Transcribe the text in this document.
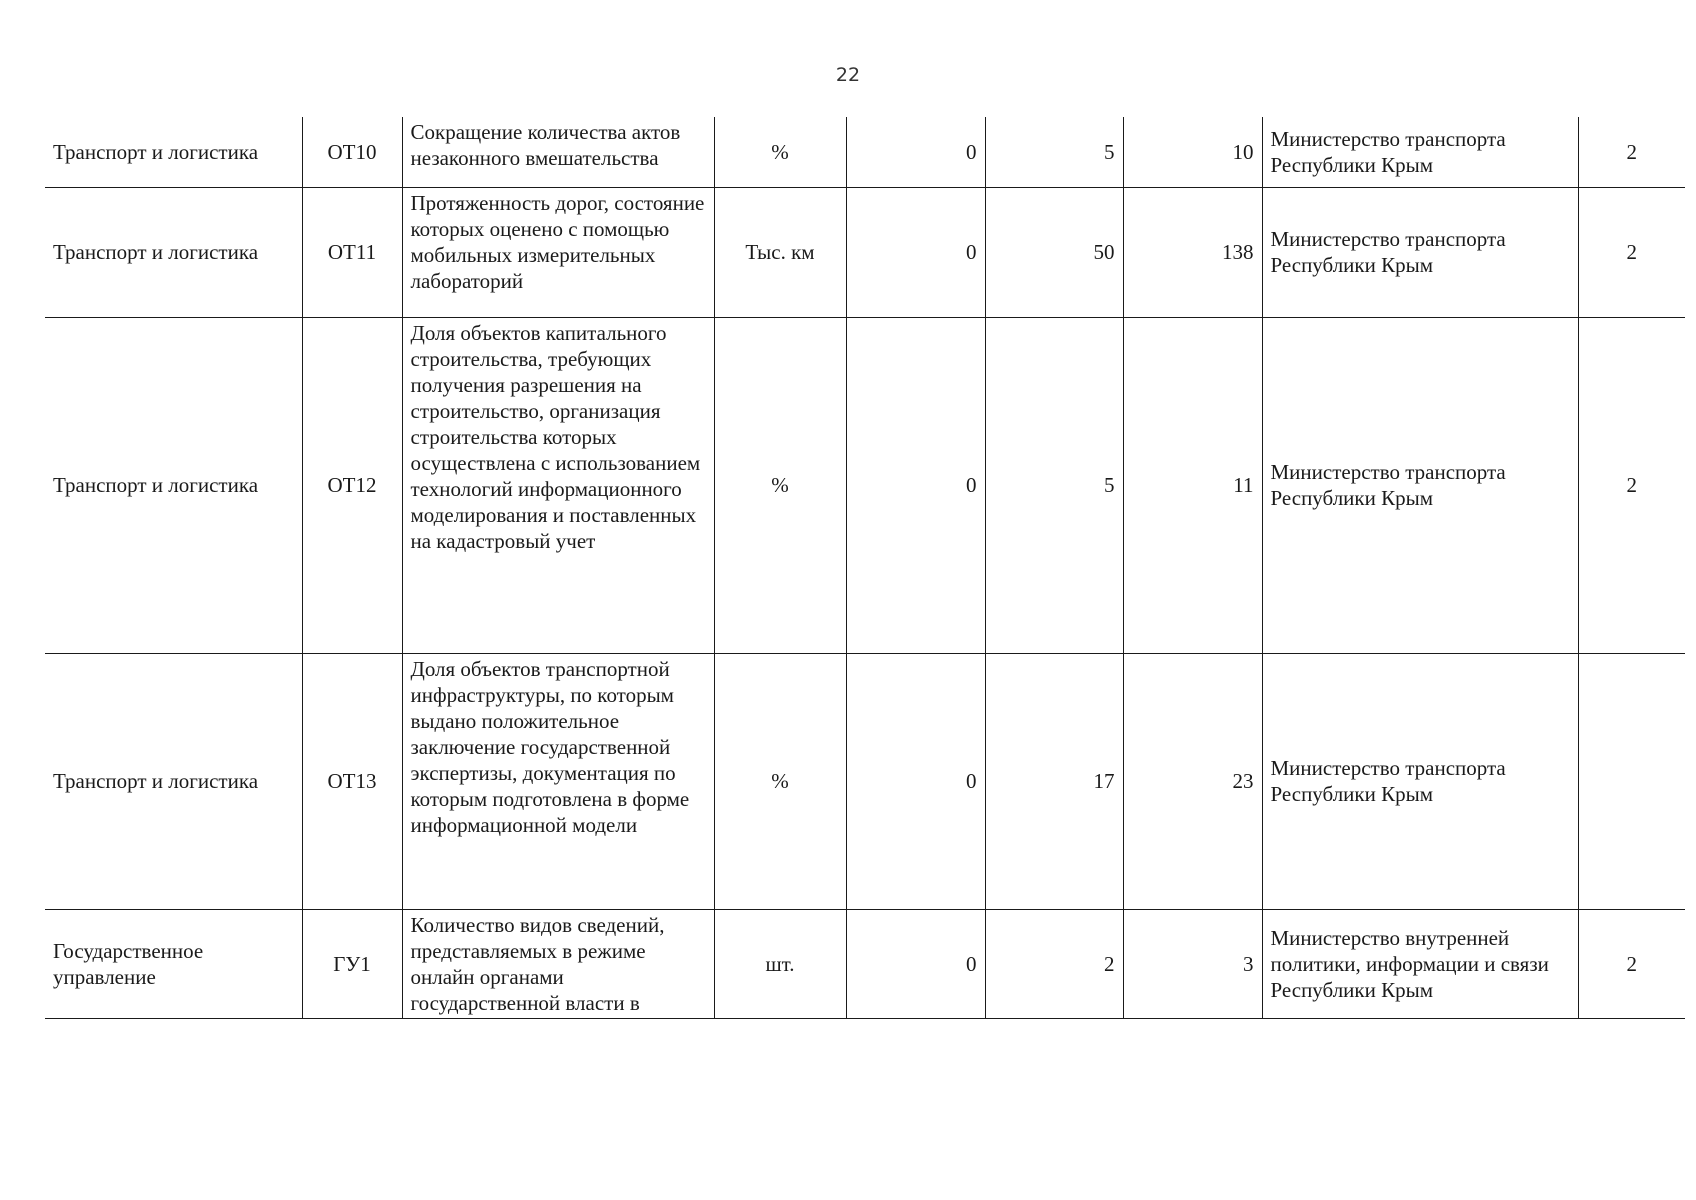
22
Транспорт и логистика	ОТ10	Сокращение количества актов незаконного вмешательства	%	0	5	10	Министерство транспорта Республики Крым	2
Транспорт и логистика	ОТ11	Протяженность дорог, состояние которых оценено с помощью мобильных измерительных лабораторий	Тыс. км	0	50	138	Министерство транспорта Республики Крым	2
Транспорт и логистика	ОТ12	Доля объектов капитального строительства, требующих получения разрешения на строительство, организация строительства которых осуществлена с использованием технологий информационного моделирования и поставленных на кадастровый учет	%	0	5	11	Министерство транспорта Республики Крым	2
Транспорт и логистика	ОТ13	Доля объектов транспортной инфраструктуры, по которым выдано положительное заключение государственной экспертизы, документация по которым подготовлена в форме информационной модели	%	0	17	23	Министерство транспорта Республики Крым	
Государственное управление	ГУ1	Количество видов сведений, представляемых в режиме онлайн органами государственной власти в	шт.	0	2	3	Министерство внутренней политики, информации и связи Республики Крым	2
